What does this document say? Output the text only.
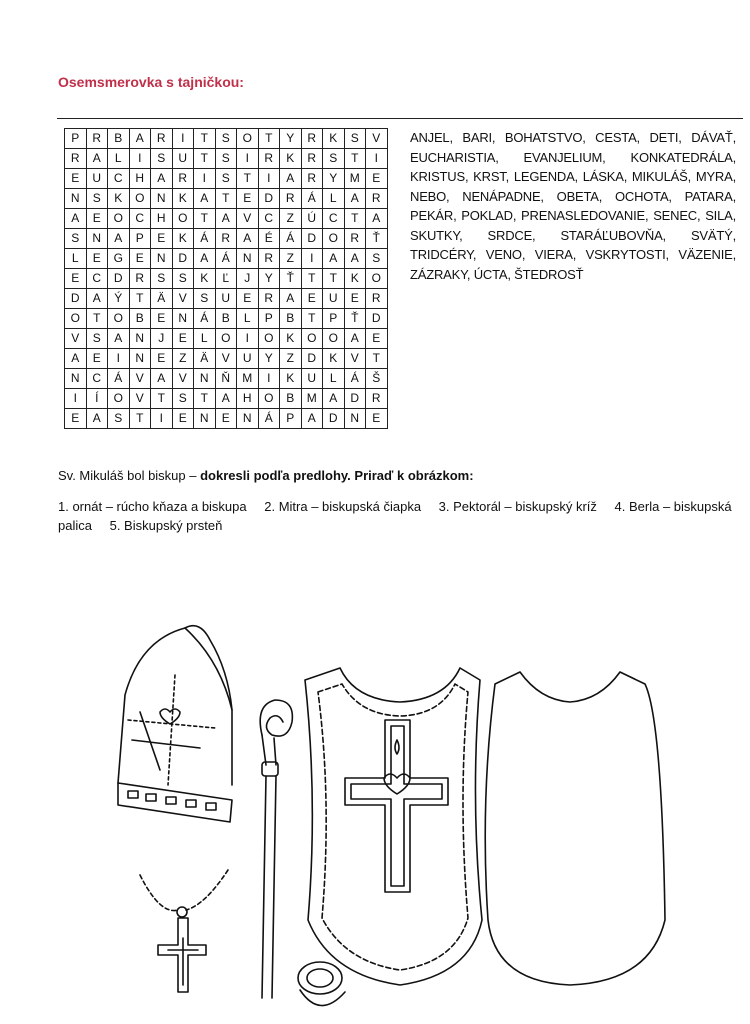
Osemsmerovka s tajničkou:
P	R	B	A	R	I	T	S	O	T	Y	R	K	S	V
R	A	L	I	S	U	T	S	I	R	K	R	S	T	I
E	U	C	H	A	R	I	S	T	I	A	R	Y	M	E
N	S	K	O	N	K	A	T	E	D	R	Á	L	A	R
A	E	O	C	H	O	T	A	V	C	Z	Ú	C	T	A
S	N	A	P	E	K	Á	R	A	É	Á	D	O	R	Ť
L	E	G	E	N	D	A	Á	N	R	Z	I	A	A	S
E	C	D	R	S	S	K	Ľ	J	Y	Ť	T	T	K	O
D	A	Ý	T	Ä	V	S	U	E	R	A	E	U	E	R
O	T	O	B	E	N	Á	B	L	P	B	T	P	Ť	D
V	S	A	N	J	E	L	O	I	O	K	O	O	A	E
A	E	I	N	E	Z	Ä	V	U	Y	Z	D	K	V	T
N	C	Á	V	A	V	N	Ň	M	I	K	U	L	Á	Š
I	Í	O	V	T	S	T	A	H	O	B	M	A	D	R
E	A	S	T	I	E	N	E	N	Á	P	A	D	N	E
ANJEL, BARI, BOHATSTVO, CESTA, DETI, DÁVAŤ, EUCHARISTIA, EVANJELIUM, KONKATEDRÁLA, KRISTUS, KRST, LEGENDA, LÁSKA, MIKULÁŠ, MYRA, NEBO, NENÁPADNE, OBETA, OCHOTA, PATARA, PEKÁR, POKLAD, PRENASLEDOVANIE, SENEC, SILA, SKUTKY, SRDCE, STARÁĽUBOVŇA, SVÄTÝ, TRIDCÉRY, VENO, VIERA, VSKRYTOSTI, VÄZENIE, ZÁZRAKY, ÚCTA, ŠTEDROSŤ
Sv. Mikuláš bol biskup – dokresli podľa predlohy. Priraď k obrázkom:
1. ornát – rúcho kňaza a biskupa 2. Mitra – biskupská čiapka 3. Pektorál – biskupský kríž 4. Berla – biskupská palica 5. Biskupský prsteň
